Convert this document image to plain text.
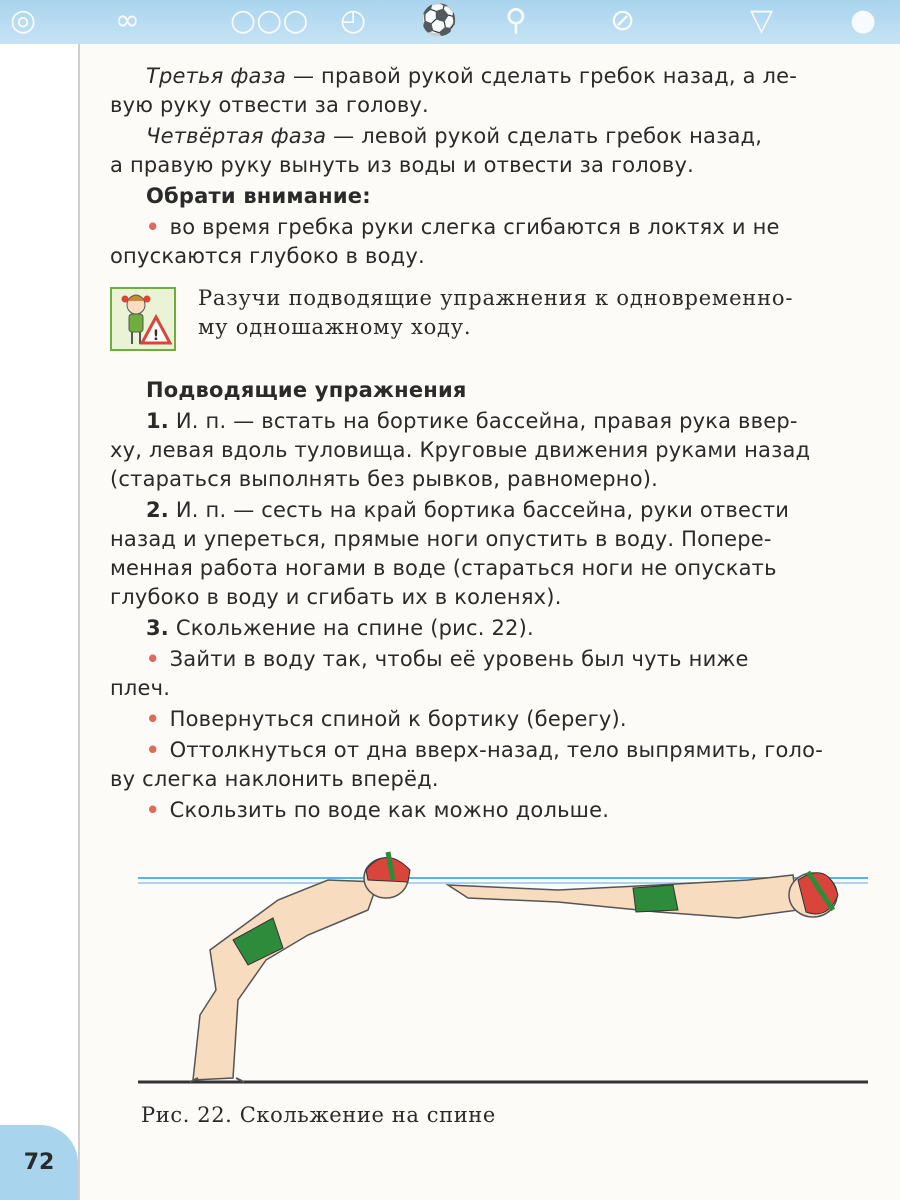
◎	∞	○○○ ◴ ⚽ ⚲	⊘	▽	●

Третья фаза — правой рукой сделать гребок назад, а ле-
вую руку отвести за голову.

Четвёртая фаза — левой рукой сделать гребок назад,
а правую руку вынуть из воды и отвести за голову.

Обрати внимание:

• во время гребка руки слегка сгибаются в локтях и не
опускаются глубоко в воду.

!
Разучи подводящие упражнения к одновременно-
му одношажному ходу.

Подводящие упражнения

1. И. п. — встать на бортике бассейна, правая рука ввер-
ху, левая вдоль туловища. Круговые движения руками назад
(стараться выполнять без рывков, равномерно).

2. И. п. — сесть на край бортика бассейна, руки отвести
назад и упереться, прямые ноги опустить в воду. Попере-
менная работа ногами в воде (стараться ноги не опускать
глубоко в воду и сгибать их в коленях).

3. Скольжение на спине (рис. 22).

• Зайти в воду так, чтобы её уровень был чуть ниже
плеч.

• Повернуться спиной к бортику (берегу).

• Оттолкнуться от дна вверх-назад, тело выпрямить, голо-
ву слегка наклонить вперёд.

• Скользить по воде как можно дольше.

Рис. 22. Скольжение на спине
72
